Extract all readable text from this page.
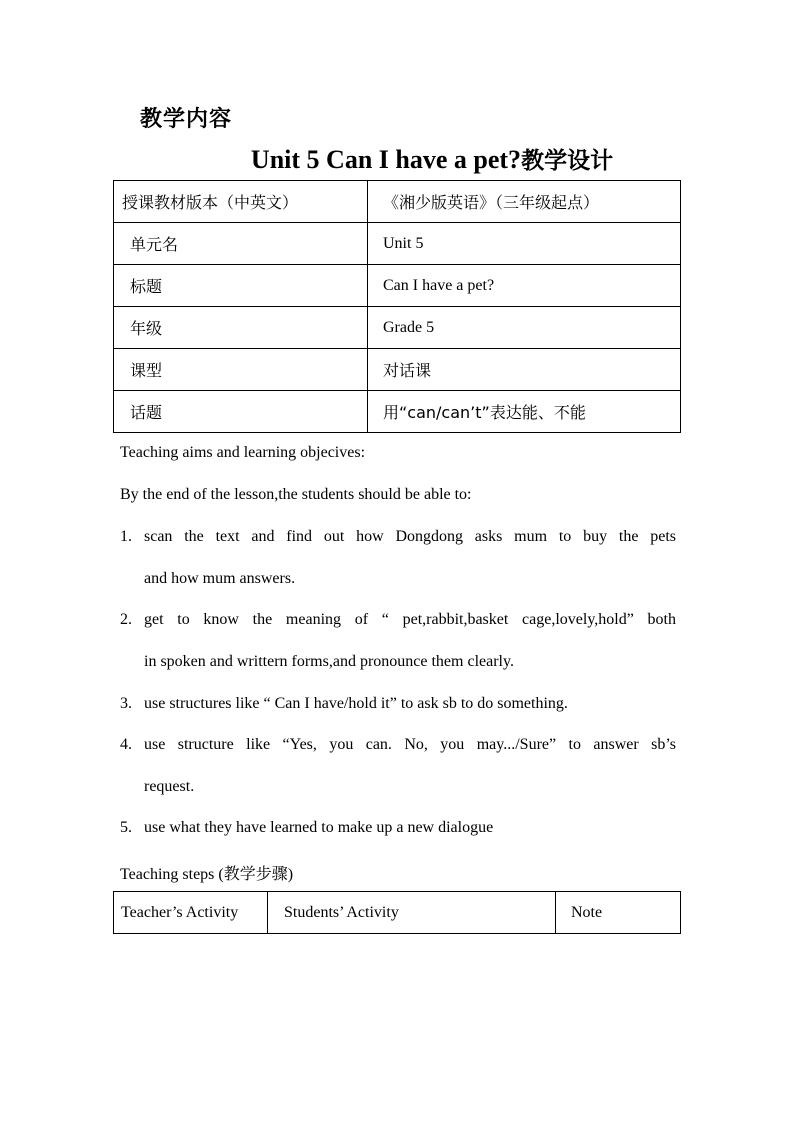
教学内容
Unit 5 Can I have a pet?教学设计
授课教材版本（中英文）	《湘少版英语》（三年级起点）
单元名	Unit 5
标题	Can I have a pet?
年级	Grade 5
课型	对话课
话题	用“can/can’t”表达能、不能
Teaching aims and learning objecives:
By the end of the lesson,the students should be able to:
1. scan the text and find out how Dongdong asks mum to buy the pets
and how mum answers.
2. get to know the meaning of “ pet,rabbit,basket cage,lovely,hold” both
in spoken and writtern forms,and pronounce them clearly.
3. use structures like “ Can I have/hold it” to ask sb to do something.
4. use structure like “Yes, you can. No, you may.../Sure” to answer sb’s
request.
5. use what they have learned to make up a new dialogue
Teaching steps (教学步骤)
Teacher’s Activity	Students’ Activity	Note
